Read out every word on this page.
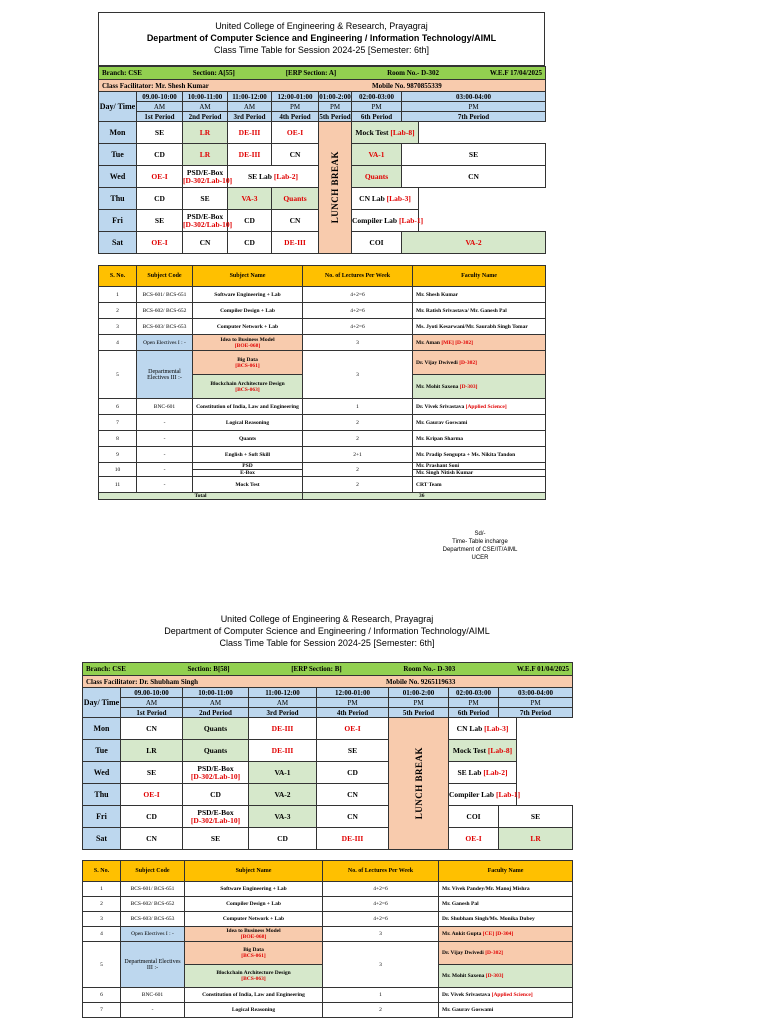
United College of Engineering & Research, Prayagraj
Department of Computer Science and Engineering / Information Technology/AIML
Class Time Table for Session 2024-25 [Semester: 6th]
Branch: CSE Section: A[55] [ERP Section: A] Room No.- D-302 W.E.F 17/04/2025							

Class Facilitator: Mr. Shesh Kumar Mobile No. 9870855339							

Day/ Time	09.00-10:00	10:00-11:00	11:00-12:00	12:00-01:00	01:00-2:00	02:00-03:00	03:00-04:00
	AM	AM	AM	PM	PM	PM	PM
	1st Period	2nd Period	3rd Period	4th Period	5th Period	6th Period	7th Period
Mon	SE	LR	DE-III	OE-I	LUNCH BREAK	Mock Test [Lab-8]	
Tue	CD	LR	DE-III	CN		VA-1	SE
Wed	OE-I	PSD/E-Box
[D-302/Lab-10]	SE Lab [Lab-2]			Quants	CN
Thu	CD	SE	VA-3	Quants		CN Lab [Lab-3]	
Fri	SE	PSD/E-Box
[D-302/Lab-10]	CD	CN		Compiler Lab [Lab-1]	
Sat	OE-I	CN	CD	DE-III		COI	VA-2
S. No.	Subject Code	Subject Name	No. of Lectures Per Week	Faculty Name
1	BCS-601/ BCS-651	Software Engineering + Lab	4+2=6	Mr. Shesh Kumar
2	BCS-602/ BCS-652	Compiler Design + Lab	4+2=6	Mr. Ratish Srivastava/ Mr. Ganesh Pal
3	BCS-603/ BCS-653	Computer Network + Lab	4+2=6	Ms. Jyoti Kesarwani/Mr. Saurabh Singh Tomar
4	Open Electives I : -	Idea to Business Model
[BOE-068]	3	Mr. Aman [ME] [D-302]
5	Departmental Electives III :-	Big Data
[BCS-061]	3	Dr. Vijay Dwivedi [D-302]
		Blockchain Architecture Design
[BCS-063]		Mr. Mohit Saxena [D-303]
6	BNC-601	Constitution of India, Law and Engineering	1	Dr. Vivek Srivastava [Applied Science]
7	-	Logical Reasoning	2	Mr. Gaurav Goswami
8	-	Quants	2	Mr. Kripan Sharma
9	-	English + Soft Skill	2+1	Mr. Pradip Sengupta + Ms. Nikita Tandon
10	-	PSD	2	Mr. Prashant Soni
		E-Box		Mr. Singh Nitish Kumar
11	-	Mock Test	2	CRT Team
Total			36	
Sd/-
Time- Table incharge
Department of CSE/IT/AIML
UCER
United College of Engineering & Research, Prayagraj
Department of Computer Science and Engineering / Information Technology/AIML
Class Time Table for Session 2024-25 [Semester: 6th]
Branch: CSE Section: B[58] [ERP Section: B] Room No.- D-303 W.E.F 01/04/2025							

Class Facilitator: Dr. Shubham Singh Mobile No. 9265119633							

Day/ Time	09.00-10:00	10:00-11:00	11:00-12:00	12:00-01:00	01:00-2:00	02:00-03:00	03:00-04:00
	AM	AM	AM	PM	PM	PM	PM
	1st Period	2nd Period	3rd Period	4th Period	5th Period	6th Period	7th Period
Mon	CN	Quants	DE-III	OE-I	LUNCH BREAK	CN Lab [Lab-3]	
Tue	LR	Quants	DE-III	SE		Mock Test [Lab-8]	
Wed	SE	PSD/E-Box
[D-302/Lab-10]	VA-1	CD		SE Lab [Lab-2]	
Thu	OE-I	CD	VA-2	CN		Compiler Lab [Lab-1]	
Fri	CD	PSD/E-Box
[D-302/Lab-10]	VA-3	CN		COI	SE
Sat	CN	SE	CD	DE-III		OE-I	LR
S. No.	Subject Code	Subject Name	No. of Lectures Per Week	Faculty Name
1	BCS-601/ BCS-651	Software Engineering + Lab	4+2=6	Mr. Vivek Pandey/Mr. Manoj Mishra
2	BCS-602/ BCS-652	Compiler Design + Lab	4+2=6	Mr. Ganesh Pal
3	BCS-603/ BCS-653	Computer Network + Lab	4+2=6	Dr. Shubham Singh/Ms. Monika Dubey
4	Open Electives I : -	Idea to Business Model
[BOE-068]	3	Mr. Ankit Gupta [CE] [D-304]
5	Departmental Electives III :-	Big Data
[BCS-061]	3	Dr. Vijay Dwivedi [D-302]
		Blockchain Architecture Design
[BCS-063]		Mr. Mohit Saxena [D-303]
6	BNC-601	Constitution of India, Law and Engineering	1	Dr. Vivek Srivastava [Applied Science]
7	-	Logical Reasoning	2	Mr. Gaurav Goswami
